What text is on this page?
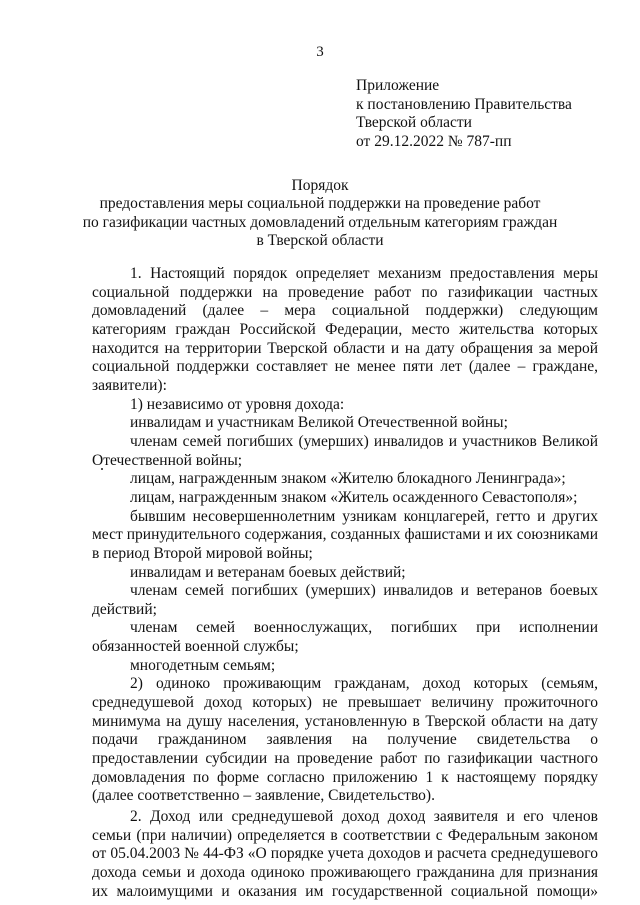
3
Приложение
к постановлению Правительства
Тверской области
от 29.12.2022 № 787-пп
Порядок
предоставления меры социальной поддержки на проведение работ
по газификации частных домовладений отдельным категориям граждан
в Тверской области

1. Настоящий порядок определяет механизм предоставления меры социальной поддержки на проведение работ по газификации частных домовладений (далее – мера социальной поддержки) следующим категориям граждан Российской Федерации, место жительства которых находится на территории Тверской области и на дату обращения за мерой социальной поддержки составляет не менее пяти лет (далее – граждане, заявители):

1) независимо от уровня дохода:

инвалидам и участникам Великой Отечественной войны;

членам семей погибших (умерших) инвалидов и участников Великой Отечественной войны;

лицам, награжденным знаком «Жителю блокадного Ленинграда»;

лицам, награжденным знаком «Житель осажденного Севастополя»;

бывшим несовершеннолетним узникам концлагерей, гетто и других мест принудительного содержания, созданных фашистами и их союзниками в период Второй мировой войны;

инвалидам и ветеранам боевых действий;

членам семей погибших (умерших) инвалидов и ветеранов боевых действий;

членам семей военнослужащих, погибших при исполнении обязанностей военной службы;

многодетным семьям;

2) одиноко проживающим гражданам, доход которых (семьям, среднедушевой доход которых) не превышает величину прожиточного минимума на душу населения, установленную в Тверской области на дату подачи гражданином заявления на получение свидетельства о предоставлении субсидии на проведение работ по газификации частного домовладения по форме согласно приложению 1 к настоящему порядку (далее соответственно – заявление, Свидетельство).

2. Доход или среднедушевой доход доход заявителя и его членов семьи (при наличии) определяется в соответствии с Федеральным законом от 05.04.2003 № 44-ФЗ «О порядке учета доходов и расчета среднедушевого дохода семьи и дохода одиноко проживающего гражданина для признания их малоимущими и оказания им государственной социальной помощи»
